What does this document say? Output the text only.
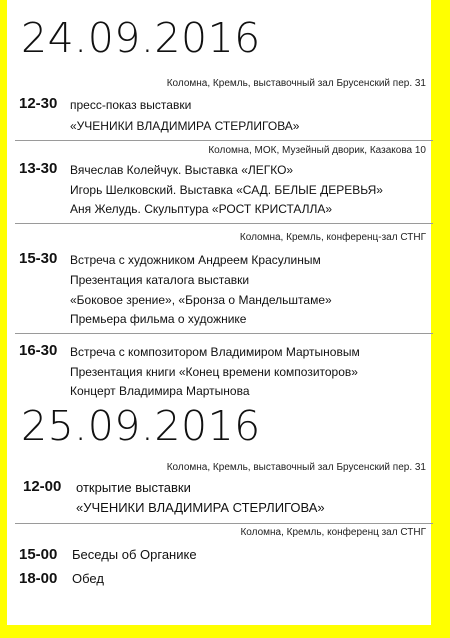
24.09.2016
Коломна, Кремль, выставочный зал Брусенский пер. 31
12-30 пресс-показ выставки
«УЧЕНИКИ ВЛАДИМИРА СТЕРЛИГОВА»
Коломна, МОК, Музейный дворик, Казакова 10
13-30 Вячеслав Колейчук. Выставка «ЛЕГКО»
Игорь Шелковский. Выставка «САД. БЕЛЫЕ ДЕРЕВЬЯ»
Аня Желудь. Скульптура «РОСТ КРИСТАЛЛА»
Коломна, Кремль, конференц-зал СТНГ
15-30 Встреча с художником Андреем Красулиным
Презентация каталога выставки
«Боковое зрение», «Бронза о Мандельштаме»
Премьера фильма о художнике
16-30 Встреча с композитором Владимиром Мартыновым
Презентация книги «Конец времени композиторов»
Концерт Владимира Мартынова
25.09.2016
Коломна, Кремль, выставочный зал Брусенский пер. 31
12-00 открытие выставки
«УЧЕНИКИ ВЛАДИМИРА СТЕРЛИГОВА»
Коломна, Кремль, конференц зал СТНГ
15-00 Беседы об Органике
18-00 Обед
